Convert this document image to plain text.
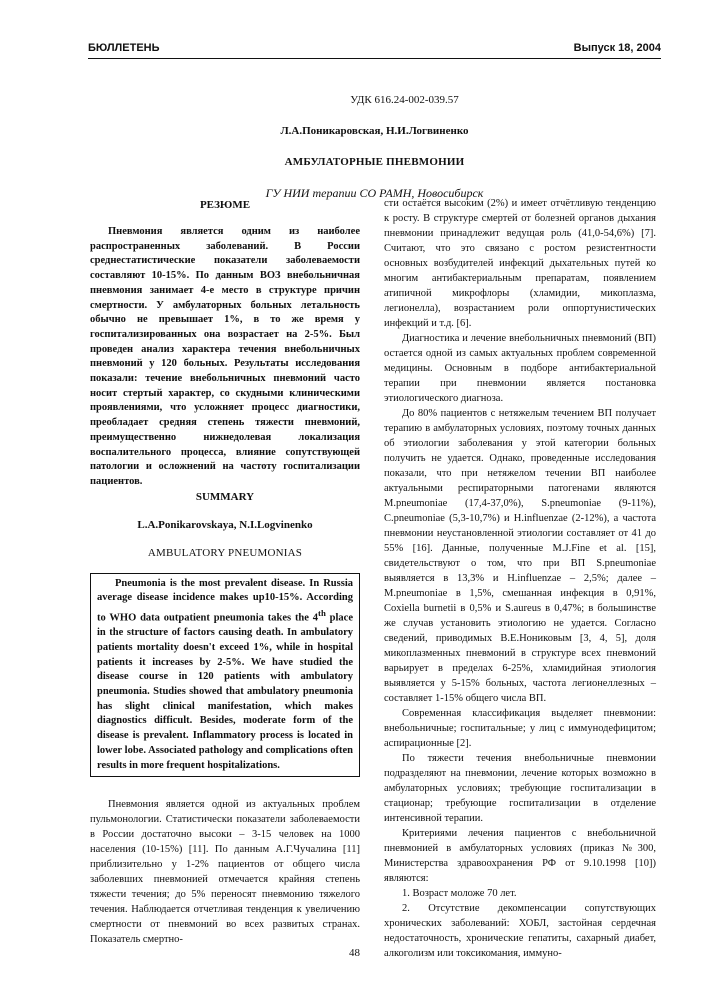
БЮЛЛЕТЕНЬ	Выпуск 18, 2004

УДК 616.24-002-039.57

Л.А.Поникаровская, Н.И.Логвиненко

АМБУЛАТОРНЫЕ ПНЕВМОНИИ

ГУ НИИ терапии СО РАМН, Новосибирск

РЕЗЮМЕ

Пневмония является одним из наиболее распространенных заболеваний. В России среднестатистические показатели заболеваемости составляют 10-15%. По данным ВОЗ внебольничная пневмония занимает 4-е место в структуре причин смертности. У амбулаторных больных летальность обычно не превышает 1%, в то же время у госпитализированных она возрастает на 2-5%. Был проведен анализ характера течения внебольничных пневмоний у 120 больных. Результаты исследования показали: течение внебольничных пневмоний часто носит стертый характер, со скудными клиническими проявлениями, что усложняет процесс диагностики, преобладает средняя степень тяжести пневмоний, преимущественно нижнедолевая локализация воспалительного процесса, влияние сопутствующей патологии и осложнений на частоту госпитализации пациентов.

SUMMARY
L.A.Ponikarovskaya, N.I.Logvinenko
AMBULATORY PNEUMONIAS
Pneumonia is the most prevalent disease. In Russia average disease incidence makes up10-15%. According to WHO data outpatient pneumonia takes the 4th place in the structure of factors causing death. In ambulatory patients mortality doesn't exceed 1%, while in hospital patients it increases by 2-5%. We have studied the disease course in 120 patients with ambulatory pneumonia. Studies showed that ambulatory pneumonia has slight clinical manifestation, which makes diagnostics difficult. Besides, moderate form of the disease is prevalent. Inflammatory process is located in lower lobe. Associated pathology and complications often results in more frequent hospitalizations.

Пневмония является одной из актуальных проблем пульмонологии. Статистически показатели заболеваемости в России достаточно высоки – 3-15 человек на 1000 населения (10-15%) [11]. По данным А.Г.Чучалина [11] приблизительно у 1-2% пациентов от общего числа заболевших пневмонией отмечается крайняя степень тяжести течения; до 5% переносят пневмонию тяжелого течения. Наблюдается отчетливая тенденция к увеличению смертности от пневмоний во всех развитых странах. Показатель смертно-

сти остаётся высоким (2%) и имеет отчётливую тенденцию к росту. В структуре смертей от болезней органов дыхания пневмонии принадлежит ведущая роль (41,0-54,6%) [7]. Считают, что это связано с ростом резистентности основных возбудителей инфекций дыхательных путей ко многим антибактериальным препаратам, появлением атипичной микрофлоры (хламидии, микоплазма, легионелла), возрастанием роли оппортунистических инфекций и т.д. [6].

Диагностика и лечение внебольничных пневмоний (ВП) остается одной из самых актуальных проблем современной медицины. Основным в подборе антибактериальной терапии при пневмонии является постановка этиологического диагноза.

До 80% пациентов с нетяжелым течением ВП получает терапию в амбулаторных условиях, поэтому точных данных об этиологии заболевания у этой категории больных получить не удается. Однако, проведенные исследования показали, что при нетяжелом течении ВП наиболее актуальными респираторными патогенами являются M.pneumoniae (17,4-37,0%), S.pneumoniae (9-11%), C.pneumoniae (5,3-10,7%) и H.influenzae (2-12%), а частота пневмонии неустановленной этиологии составляет от 41 до 55% [16]. Данные, полученные M.J.Fine et al. [15], свидетельствуют о том, что при ВП S.pneumoniae выявляется в 13,3% и H.influenzae – 2,5%; далее – M.pneumoniae в 1,5%, смешанная инфекция в 0,91%, Coxiella burnetii в 0,5% и S.aureus в 0,47%; в большинстве же случав установить этиологию не удается. Согласно сведений, приводимых В.Е.Нониковым [3, 4, 5], доля микоплазменных пневмоний в структуре всех пневмоний варьирует в пределах 6-25%, хламидийная этиология выявляется у 5-15% больных, частота легионеллезных – составляет 1-15% общего числа ВП.

Современная классификация выделяет пневмонии: внебольничные; госпитальные; у лиц с иммунодефицитом; аспирационные [2].

По тяжести течения внебольничные пневмонии подразделяют на пневмонии, лечение которых возможно в амбулаторных условиях; требующие госпитализации в стационар; требующие госпитализации в отделение интенсивной терапии.

Критериями лечения пациентов с внебольничной пневмонией в амбулаторных условиях (приказ №300, Министерства здравоохранения РФ от 9.10.1998 [10]) являются:

1. Возраст моложе 70 лет.

2. Отсутствие декомпенсации сопутствующих хронических заболеваний: ХОБЛ, застойная сердечная недостаточность, хронические гепатиты, сахарный диабет, алкоголизм или токсикомания, иммуно-

48
